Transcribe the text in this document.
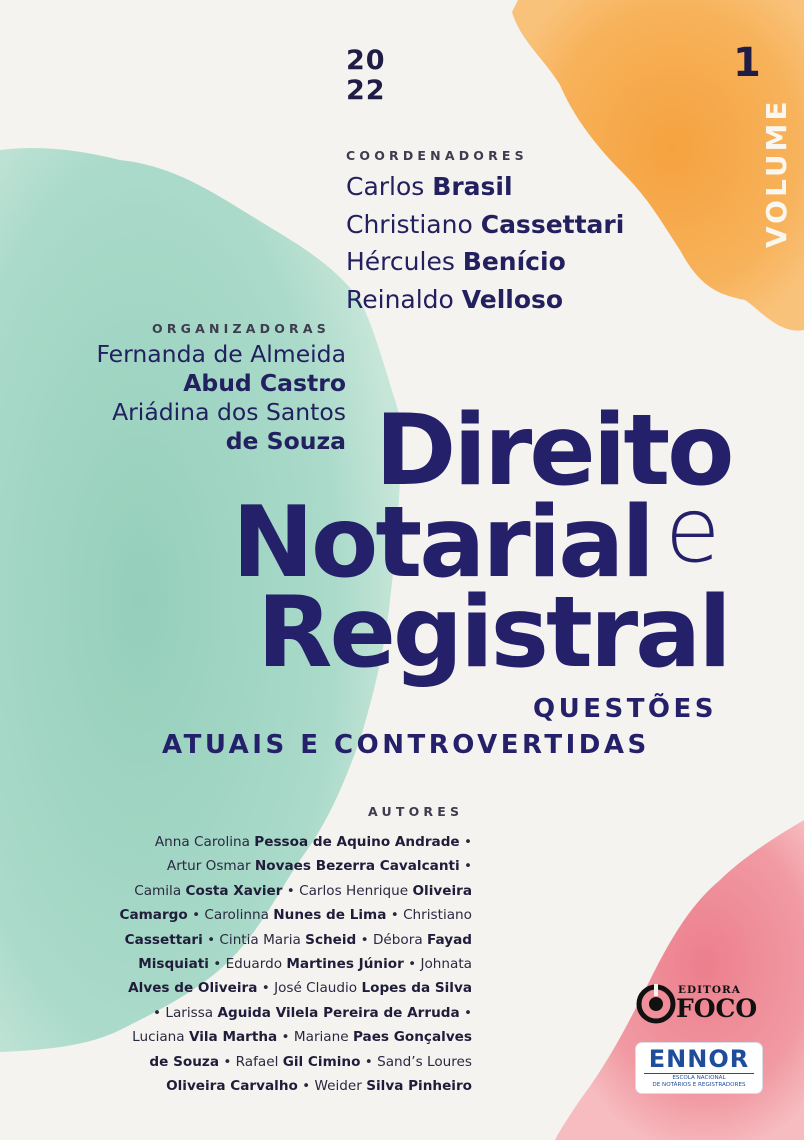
20
22
1
VOLUME
COORDENADORES
Carlos Brasil
Christiano Cassettari
Hércules Benício
Reinaldo Velloso
ORGANIZADORAS
Fernanda de Almeida
Abud Castro
Ariádina dos Santos
de Souza Direito
Notarial e
Registral
QUESTÕES
ATUAIS E CONTROVERTIDAS
AUTORES
Anna Carolina Pessoa de Aquino Andrade •
Artur Osmar Novaes Bezerra Cavalcanti •
Camila Costa Xavier • Carlos Henrique Oliveira
Camargo • Carolinna Nunes de Lima • Christiano
Cassettari • Cintia Maria Scheid • Débora Fayad
Misquiati • Eduardo Martines Júnior • Johnata
Alves de Oliveira • José Claudio Lopes da Silva
• Larissa Aguida Vilela Pereira de Arruda •
Luciana Vila Martha • Mariane Paes Gonçalves
de Souza • Rafael Gil Cimino • Sand’s Loures
Oliveira Carvalho • Weider Silva Pinheiro
EDITORA
FOCO
ENNOR
ESCOLA NACIONAL
DE NOTÁRIOS E REGISTRADORES
